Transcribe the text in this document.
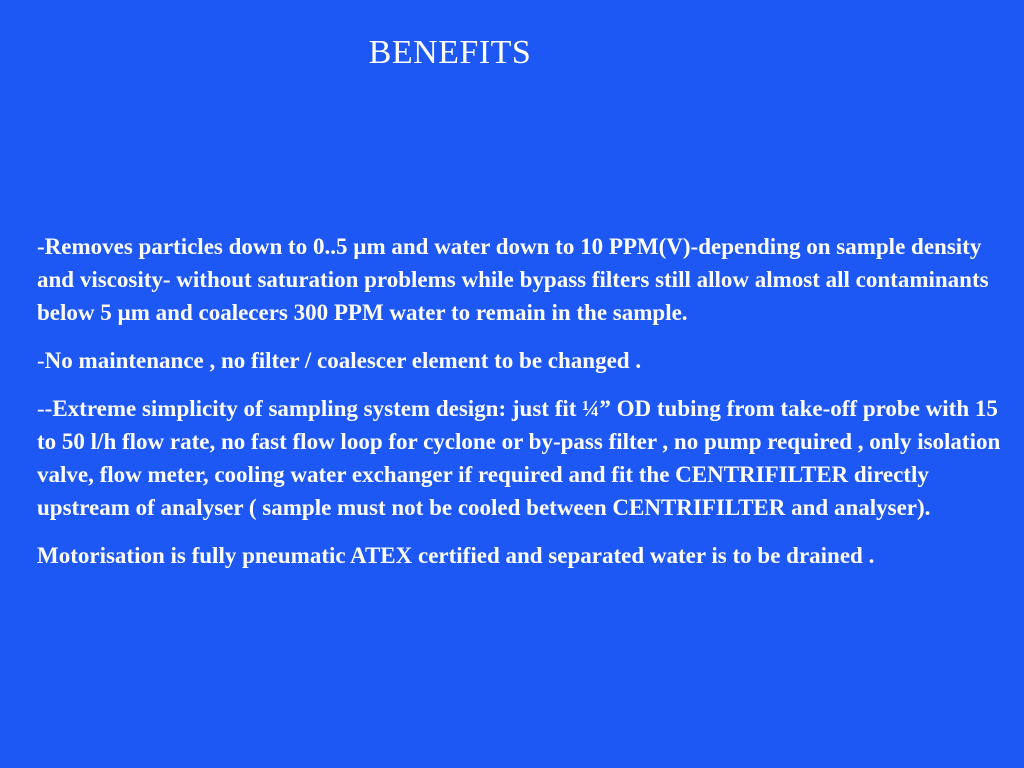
BENEFITS

-Removes particles down to 0..5 µm and water down to 10 PPM(V)-depending on sample density and viscosity- without saturation problems while bypass filters still allow almost all contaminants below 5 µm and coalecers 300 PPM water to remain in the sample.

-No maintenance , no filter / coalescer element to be changed .

--Extreme simplicity of sampling system design: just fit ¼” OD tubing from take-off probe with 15 to 50 l/h flow rate, no fast flow loop for cyclone or by-pass filter , no pump required , only isolation valve, flow meter, cooling water exchanger if required and fit the CENTRIFILTER directly upstream of analyser ( sample must not be cooled between CENTRIFILTER and analyser).

Motorisation is fully pneumatic ATEX certified and separated water is to be drained .
